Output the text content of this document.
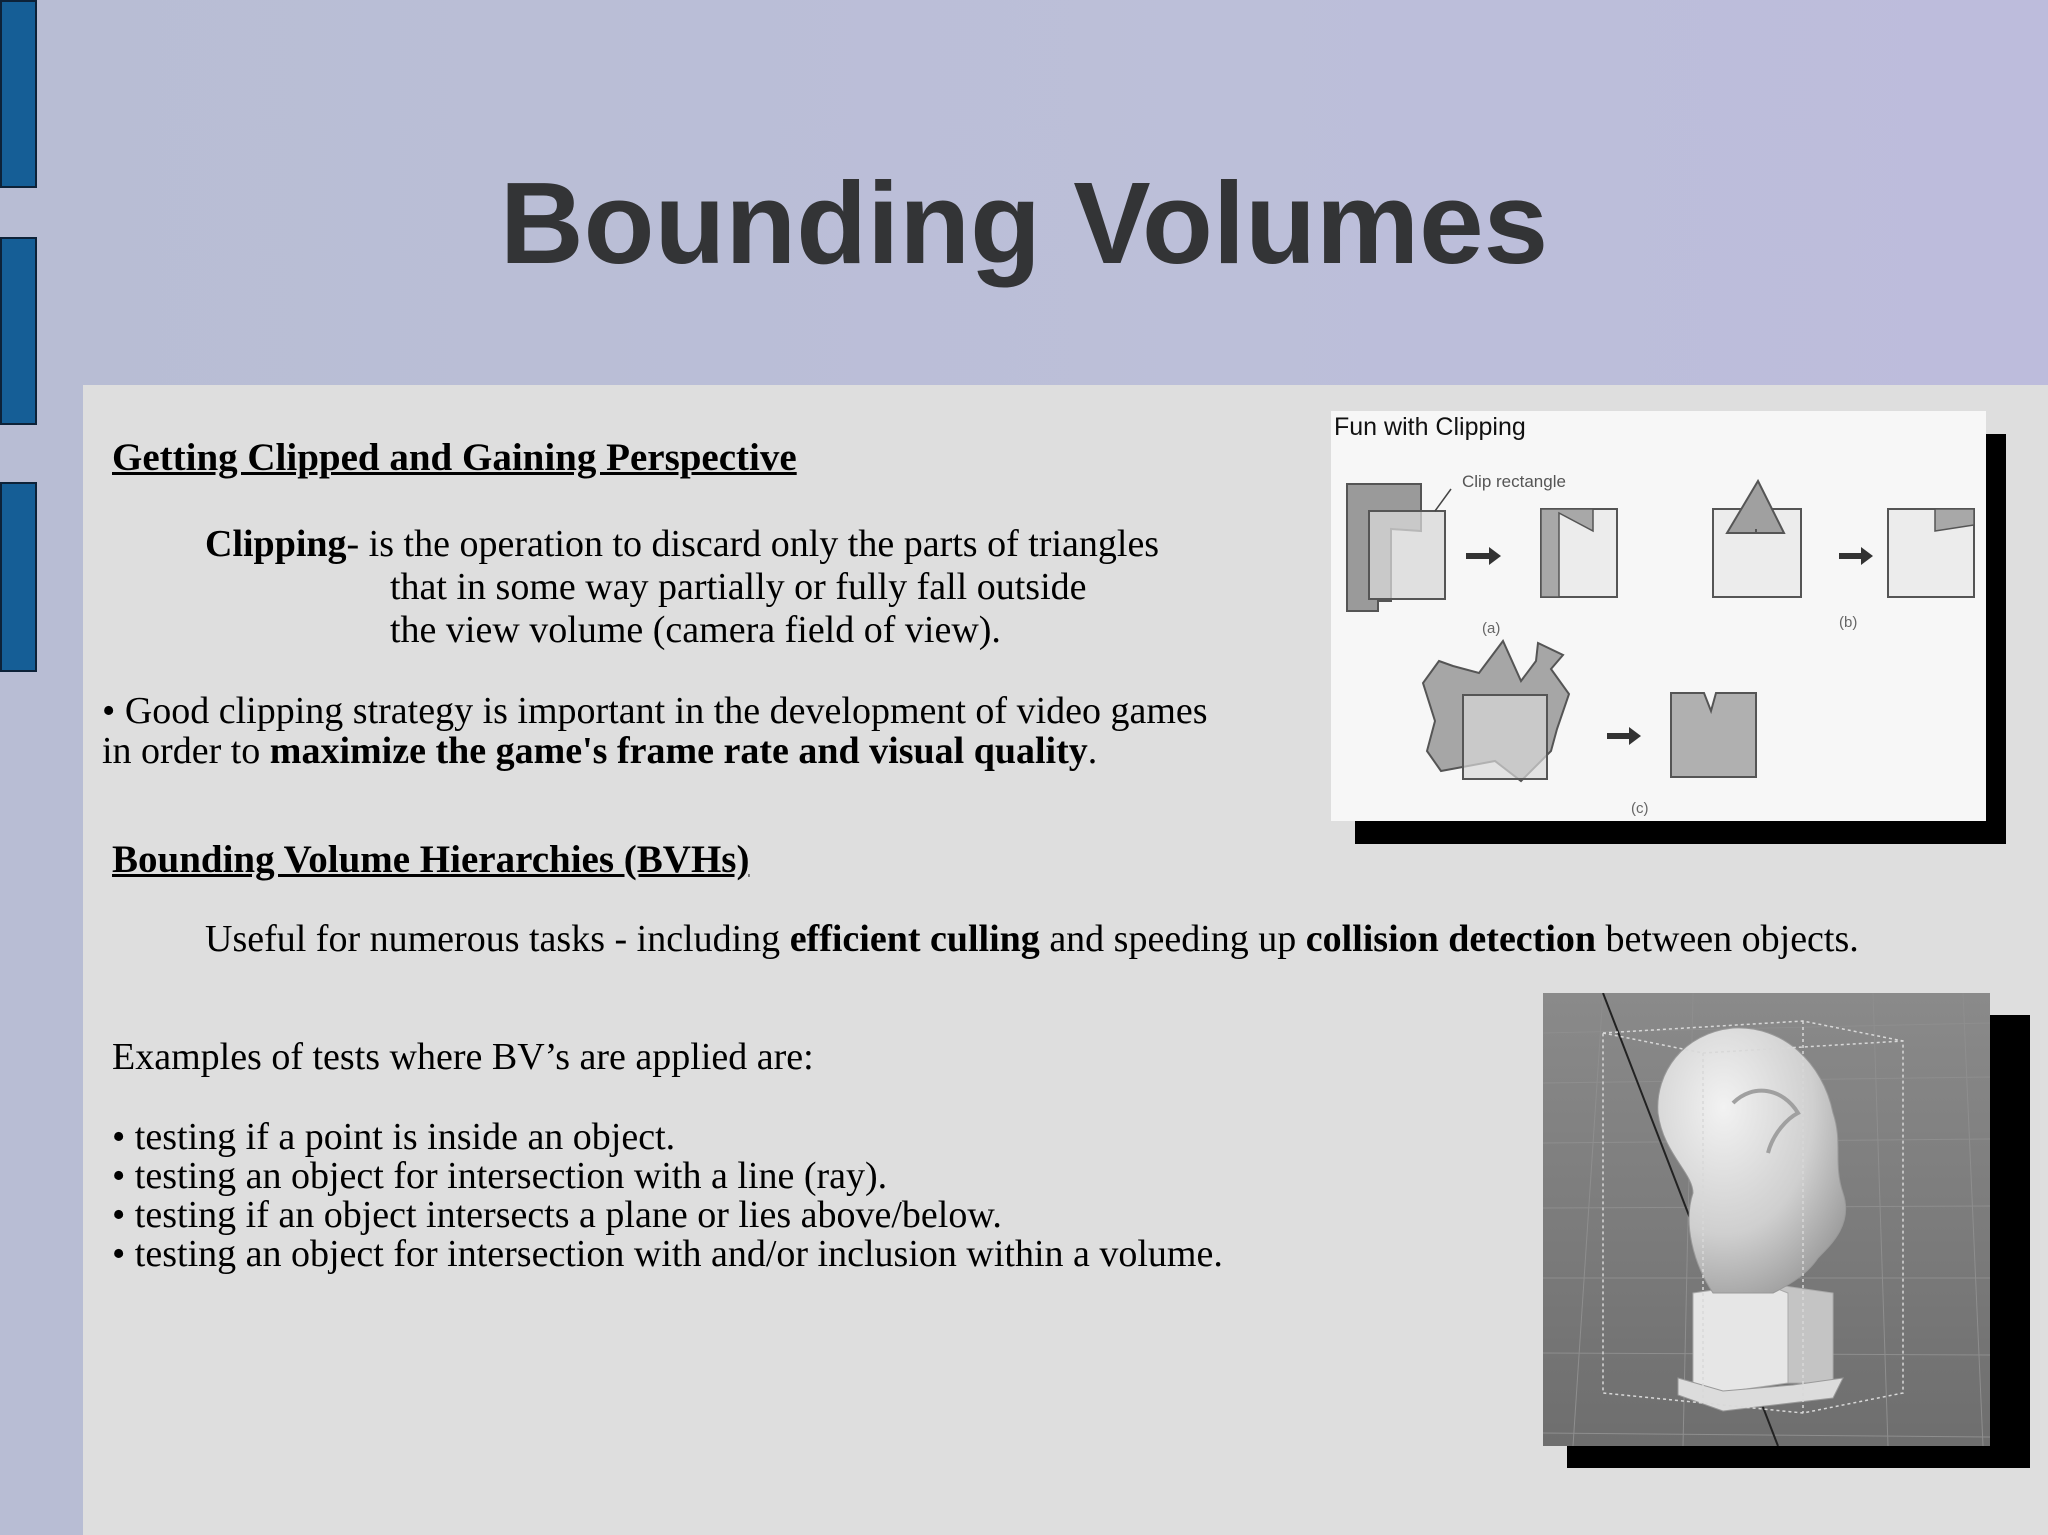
Bounding Volumes
Getting Clipped and Gaining Perspective
Clipping- is the operation to discard only the parts of triangles
that in some way partially or fully fall outside
the view volume (camera field of view).
• Good clipping strategy is important in the development of video games
in order to maximize the game's frame rate and visual quality.
Bounding Volume Hierarchies (BVHs)
Useful for numerous tasks - including efficient culling and speeding up collision detection between objects.
Examples of tests where BV’s are applied are:
• testing if a point is inside an object.
• testing an object for intersection with a line (ray).
• testing if an object intersects a plane or lies above/below.
• testing an object for intersection with and/or inclusion within a volume.
Clip rectangle
(a)	(b)
(c)
Fun with Clipping
